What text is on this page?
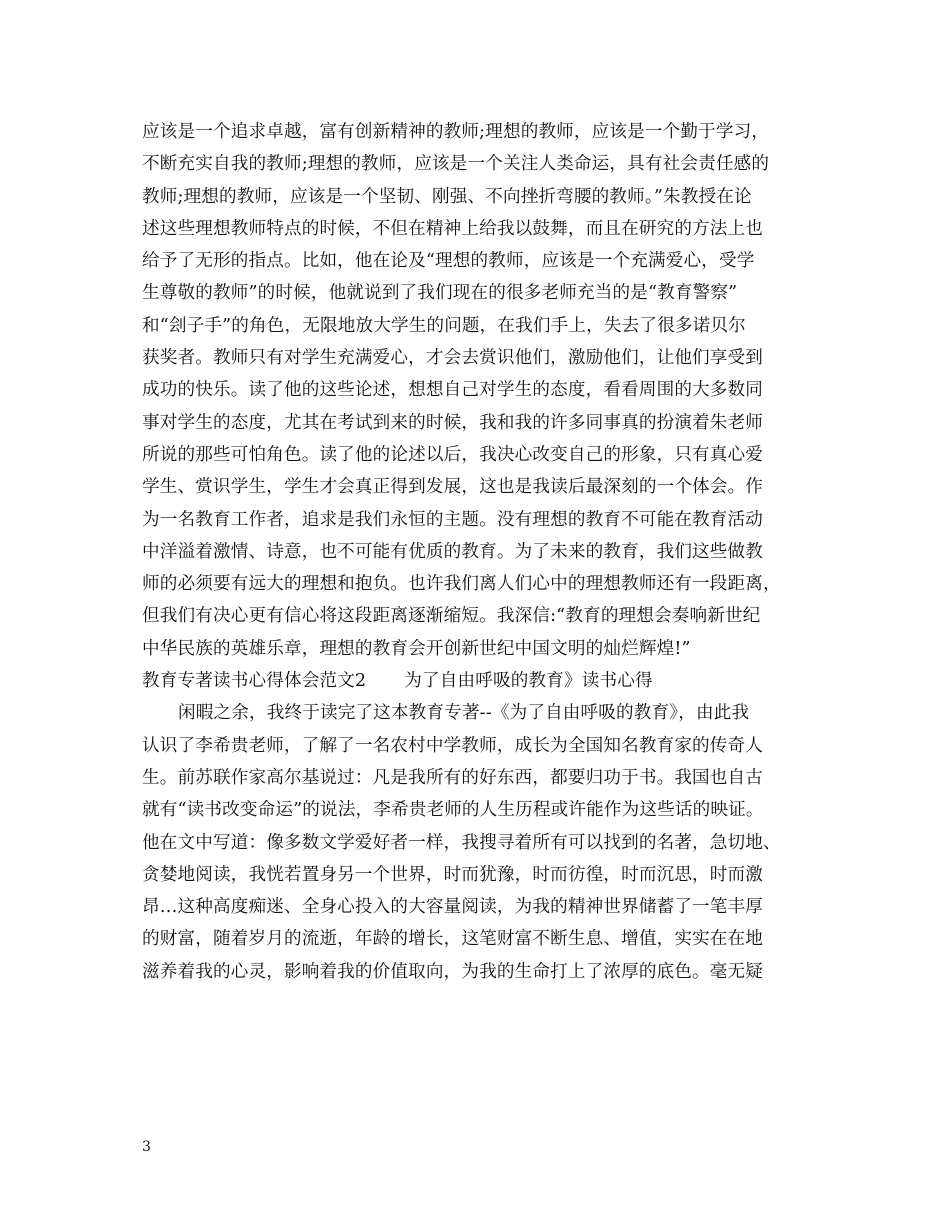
应该是一个追求卓越，富有创新精神的教师;理想的教师，应该是一个勤于学习，
不断充实自我的教师;理想的教师，应该是一个关注人类命运，具有社会责任感的
教师;理想的教师，应该是一个坚韧、刚强、不向挫折弯腰的教师。”朱教授在论
述这些理想教师特点的时候，不但在精神上给我以鼓舞，而且在研究的方法上也
给予了无形的指点。比如，他在论及“理想的教师，应该是一个充满爱心，受学
生尊敬的教师”的时候，他就说到了我们现在的很多老师充当的是“教育警察”
和“刽子手”的角色，无限地放大学生的问题，在我们手上，失去了很多诺贝尔
获奖者。教师只有对学生充满爱心，才会去赏识他们，激励他们，让他们享受到
成功的快乐。读了他的这些论述，想想自己对学生的态度，看看周围的大多数同
事对学生的态度，尤其在考试到来的时候，我和我的许多同事真的扮演着朱老师
所说的那些可怕角色。读了他的论述以后，我决心改变自己的形象，只有真心爱
学生、赏识学生，学生才会真正得到发展，这也是我读后最深刻的一个体会。作
为一名教育工作者，追求是我们永恒的主题。没有理想的教育不可能在教育活动
中洋溢着激情、诗意，也不可能有优质的教育。为了未来的教育，我们这些做教
师的必须要有远大的理想和抱负。也许我们离人们心中的理想教师还有一段距离，
但我们有决心更有信心将这段距离逐渐缩短。我深信:“教育的理想会奏响新世纪
中华民族的英雄乐章，理想的教育会开创新世纪中国文明的灿烂辉煌!”
教育专著读书心得体会范文2 为了自由呼吸的教育》读书心得
闲暇之余，我终于读完了这本教育专著--《为了自由呼吸的教育》，由此我
认识了李希贵老师，了解了一名农村中学教师，成长为全国知名教育家的传奇人
生。前苏联作家高尔基说过：凡是我所有的好东西，都要归功于书。我国也自古
就有“读书改变命运”的说法，李希贵老师的人生历程或许能作为这些话的映证。
他在文中写道：像多数文学爱好者一样，我搜寻着所有可以找到的名著，急切地、
贪婪地阅读，我恍若置身另一个世界，时而犹豫，时而彷徨，时而沉思，时而激
昂…这种高度痴迷、全身心投入的大容量阅读，为我的精神世界储蓄了一笔丰厚
的财富，随着岁月的流逝，年龄的增长，这笔财富不断生息、增值，实实在在地
滋养着我的心灵，影响着我的价值取向，为我的生命打上了浓厚的底色。毫无疑
3
